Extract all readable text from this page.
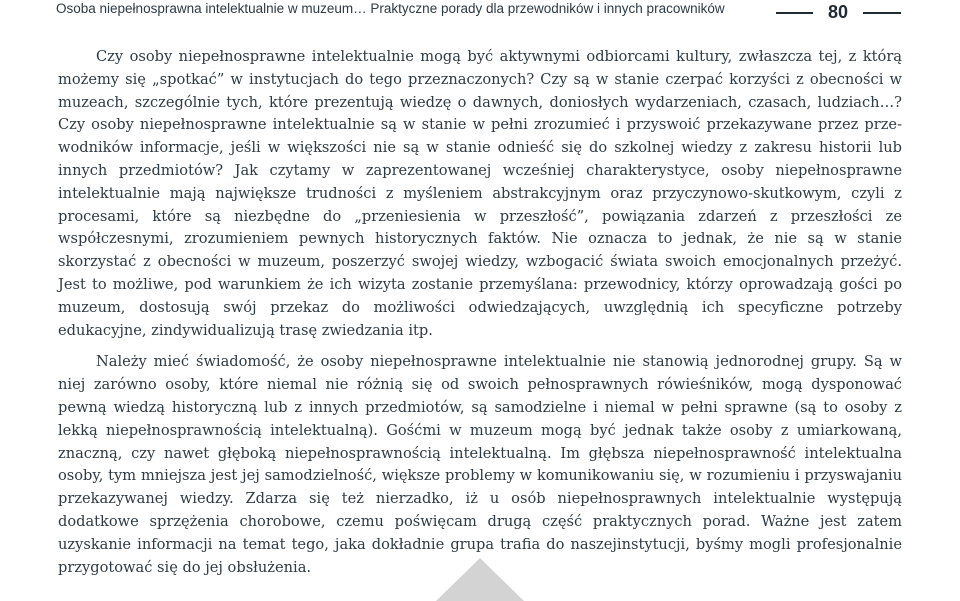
Osoba niepełnosprawna intelektualnie w muzeum… Praktyczne porady dla przewodników i innych pracowników	80

Czy osoby niepełnosprawne intelektualnie mogą być aktywnymi odbiorcami kultury, zwłaszcza tej, z którą możemy się „spotkać” w instytucjach do tego przeznaczonych? Czy są w stanie czerpać korzyści z obecności w muzeach, szczególnie tych, które prezentują wiedzę o dawnych, doniosłych wydarzeniach, czasach, ludziach…? Czy osoby niepełnosprawne intelektualnie są w stanie w pełni zrozumieć i przyswoić przekazywane przez przewodników informacje, jeśli w większości nie są w stanie odnieść się do szkolnej wiedzy z zakresu historii lub innych przedmiotów? Jak czytamy w zaprezentowanej wcześniej charakterystyce, osoby niepełnosprawne intelektualnie mają największe trudności z myśleniem abstrakcyjnym oraz przyczynowo-skutkowym, czyli z procesami, które są niezbędne do „przeniesienia w przeszłość”, powiązania zdarzeń z przeszłości ze współczesnymi, zrozumieniem pewnych historycznych faktów. Nie oznacza to jednak, że nie są w stanie skorzystać z obecności w muzeum, poszerzyć swojej wiedzy, wzbogacić świata swoich emocjonalnych przeżyć. Jest to możliwe, pod warunkiem że ich wizyta zostanie przemyślana: przewodnicy, którzy oprowadzają gości po muzeum, dostosują swój przekaz do możliwości odwiedzających, uwzględnią ich specyficzne potrzeby edukacyjne, zindywidualizują trasę zwiedzania itp.

Należy mieć świadomość, że osoby niepełnosprawne intelektualnie nie stanowią jednorodnej grupy. Są w niej zarówno osoby, które niemal nie różnią się od swoich pełnosprawnych rówieśników, mogą dysponować pewną wiedzą historyczną lub z innych przedmiotów, są samodzielne i niemal w pełni sprawne (są to osoby z lekką niepełnosprawnością intelektualną). Gośćmi w muzeum mogą być jednak także osoby z umiarkowaną, znaczną, czy nawet głęboką niepełnosprawnością intelektualną. Im głębsza niepełnosprawność intelektualna osoby, tym mniejsza jest jej samodzielność, większe problemy w komunikowaniu się, w rozumieniu i przyswajaniu przekazywanej wiedzy. Zdarza się też nierzadko, iż u osób niepełnosprawnych intelektualnie występują dodatkowe sprzężenia chorobowe, czemu poświęcam drugą część praktycznych porad. Ważne jest zatem uzyskanie informacji na temat tego, jaka dokładnie grupa trafia do naszejinstytucji, byśmy mogli profesjonalnie przygotować się do jej obsłużenia.
